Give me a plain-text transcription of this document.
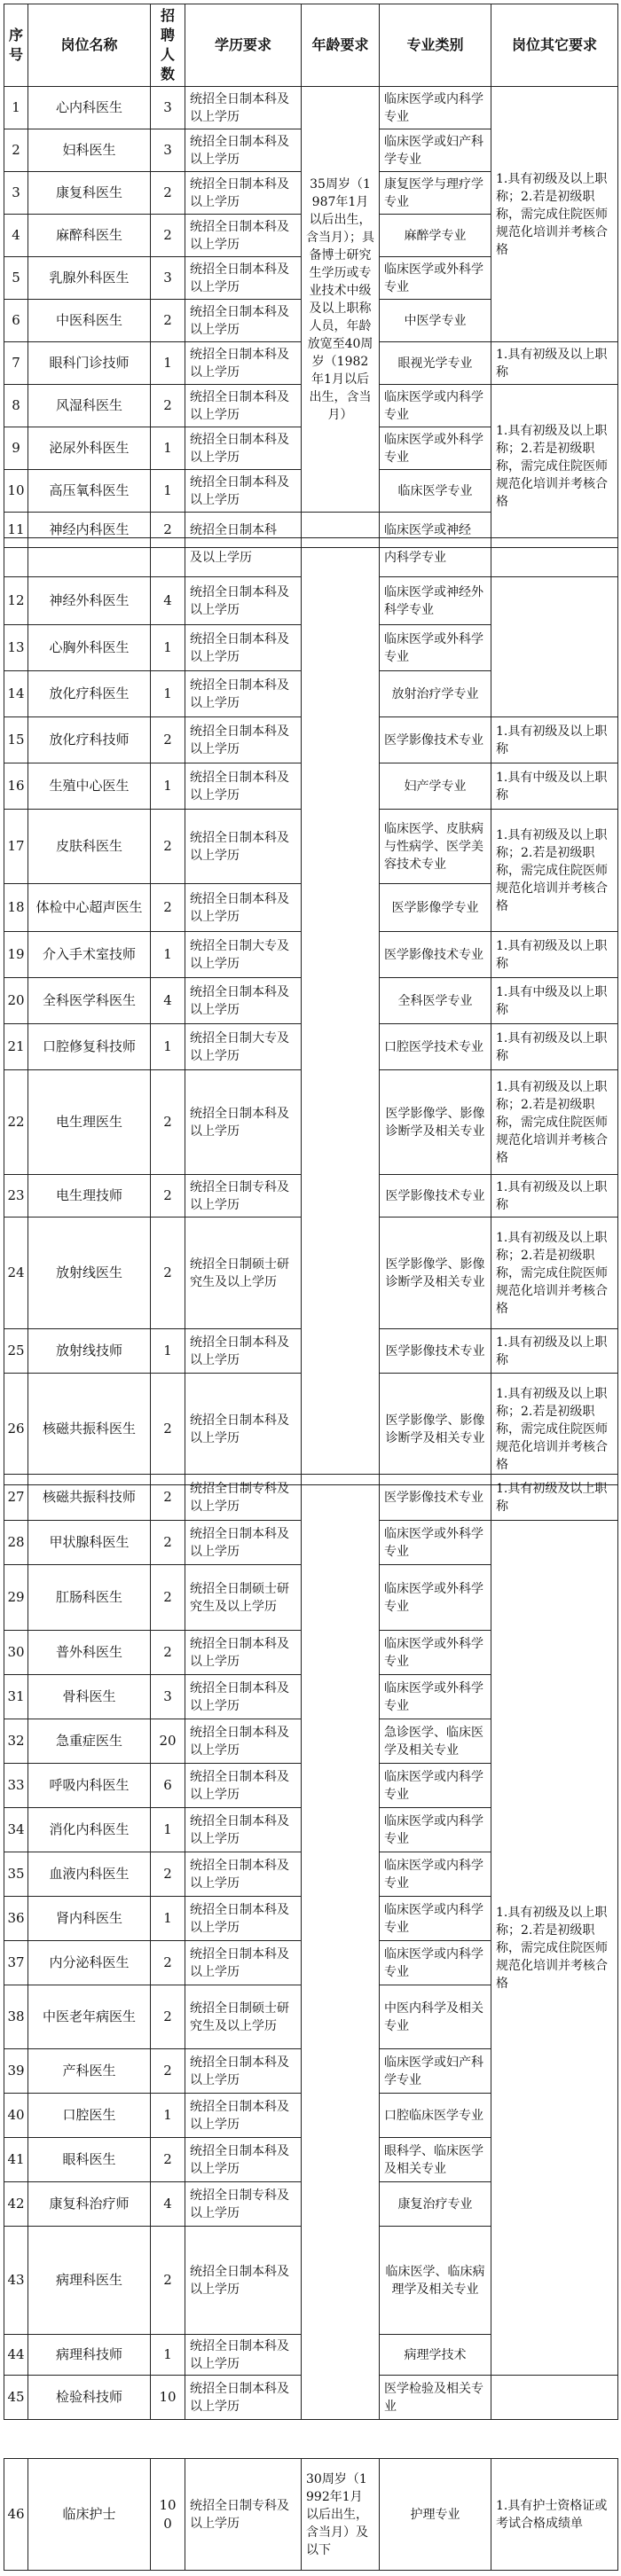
序号	岗位名称	招聘人数	学历要求	年龄要求	专业类别	岗位其它要求
1	心内科医生	3	统招全日制本科及以上学历	35周岁（1987年1月以后出生，含当月）；具备博士研究生学历或专业技术中级及以上职称人员，年龄放宽至40周岁（1982年1月以后出生，含当月）	临床医学或内科学专业	1.具有初级及以上职称；2.若是初级职称，需完成住院医师规范化培训并考核合格
2	妇科医生	3	统招全日制本科及以上学历		临床医学或妇产科学专业	
3	康复科医生	2	统招全日制本科及以上学历		康复医学与理疗学专业	
4	麻醉科医生	2	统招全日制本科及以上学历		麻醉学专业	
5	乳腺外科医生	3	统招全日制本科及以上学历		临床医学或外科学专业	
6	中医科医生	2	统招全日制本科及以上学历		中医学专业	
7	眼科门诊技师	1	统招全日制本科及以上学历		眼视光学专业	1.具有初级及以上职称
8	风湿科医生	2	统招全日制本科及以上学历		临床医学或内科学专业	1.具有初级及以上职称；2.若是初级职称，需完成住院医师规范化培训并考核合格
9	泌尿外科医生	1	统招全日制本科及以上学历		临床医学或外科学专业	
10	高压氧科医生	1	统招全日制本科及以上学历		临床医学专业	
11	神经内科医生	2	统招全日制本科		临床医学或神经	
			及以上学历		内科学专业	
12	神经外科医生	4	统招全日制本科及以上学历		临床医学或神经外科学专业	
13	心胸外科医生	1	统招全日制本科及以上学历		临床医学或外科学专业	
14	放化疗科医生	1	统招全日制本科及以上学历		放射治疗学专业	
15	放化疗科技师	2	统招全日制本科及以上学历		医学影像技术专业	1.具有初级及以上职称
16	生殖中心医生	1	统招全日制本科及以上学历		妇产学专业	1.具有中级及以上职称
17	皮肤科医生	2	统招全日制本科及以上学历		临床医学、皮肤病与性病学、医学美容技术专业	1.具有初级及以上职称；2.若是初级职称，需完成住院医师规范化培训并考核合格
18	体检中心超声医生	2	统招全日制本科及以上学历		医学影像学专业	
19	介入手术室技师	1	统招全日制大专及以上学历		医学影像技术专业	1.具有初级及以上职称
20	全科医学科医生	4	统招全日制本科及以上学历		全科医学专业	1.具有中级及以上职称
21	口腔修复科技师	1	统招全日制大专及以上学历		口腔医学技术专业	1.具有初级及以上职称
22	电生理医生	2	统招全日制本科及以上学历		医学影像学、影像诊断学及相关专业	1.具有初级及以上职称；2.若是初级职称，需完成住院医师规范化培训并考核合格
23	电生理技师	2	统招全日制专科及以上学历		医学影像技术专业	1.具有初级及以上职称
24	放射线医生	2	统招全日制硕士研究生及以上学历		医学影像学、影像诊断学及相关专业	1.具有初级及以上职称；2.若是初级职称，需完成住院医师规范化培训并考核合格
25	放射线技师	1	统招全日制本科及以上学历		医学影像技术专业	1.具有初级及以上职称
26	核磁共振科医生	2	统招全日制本科及以上学历		医学影像学、影像诊断学及相关专业	1.具有初级及以上职称；2.若是初级职称，需完成住院医师规范化培训并考核合格
27	核磁共振科技师	2	统招全日制专科及以上学历		医学影像技术专业	1.具有初级及以上职称
28	甲状腺科医生	2	统招全日制本科及以上学历		临床医学或外科学专业	1.具有初级及以上职称；2.若是初级职称，需完成住院医师规范化培训并考核合格
29	肛肠科医生	2	统招全日制硕士研究生及以上学历		临床医学或外科学专业	
30	普外科医生	2	统招全日制本科及以上学历		临床医学或外科学专业	
31	骨科医生	3	统招全日制本科及以上学历		临床医学或外科学专业	
32	急重症医生	20	统招全日制本科及以上学历		急诊医学、临床医学及相关专业	
33	呼吸内科医生	6	统招全日制本科及以上学历		临床医学或内科学专业	
34	消化内科医生	1	统招全日制本科及以上学历		临床医学或内科学专业	
35	血液内科医生	2	统招全日制本科及以上学历		临床医学或内科学专业	
36	肾内科医生	1	统招全日制本科及以上学历		临床医学或内科学专业	
37	内分泌科医生	2	统招全日制本科及以上学历		临床医学或内科学专业	
38	中医老年病医生	2	统招全日制硕士研究生及以上学历		中医内科学及相关专业	
39	产科医生	2	统招全日制本科及以上学历		临床医学或妇产科学专业	
40	口腔医生	1	统招全日制本科及以上学历		口腔临床医学专业	
41	眼科医生	2	统招全日制本科及以上学历		眼科学、临床医学及相关专业	
42	康复科治疗师	4	统招全日制专科及以上学历		康复治疗专业	
43	病理科医生	2	统招全日制本科及以上学历		临床医学、临床病理学及相关专业	
44	病理科技师	1	统招全日制本科及以上学历		病理学技术	
45	检验科技师	10	统招全日制本科及以上学历		医学检验及相关专业	
46	临床护士	100	统招全日制专科及以上学历	30周岁（1992年1月以后出生，含当月）及以下	护理专业	1.具有护士资格证或考试合格成绩单
